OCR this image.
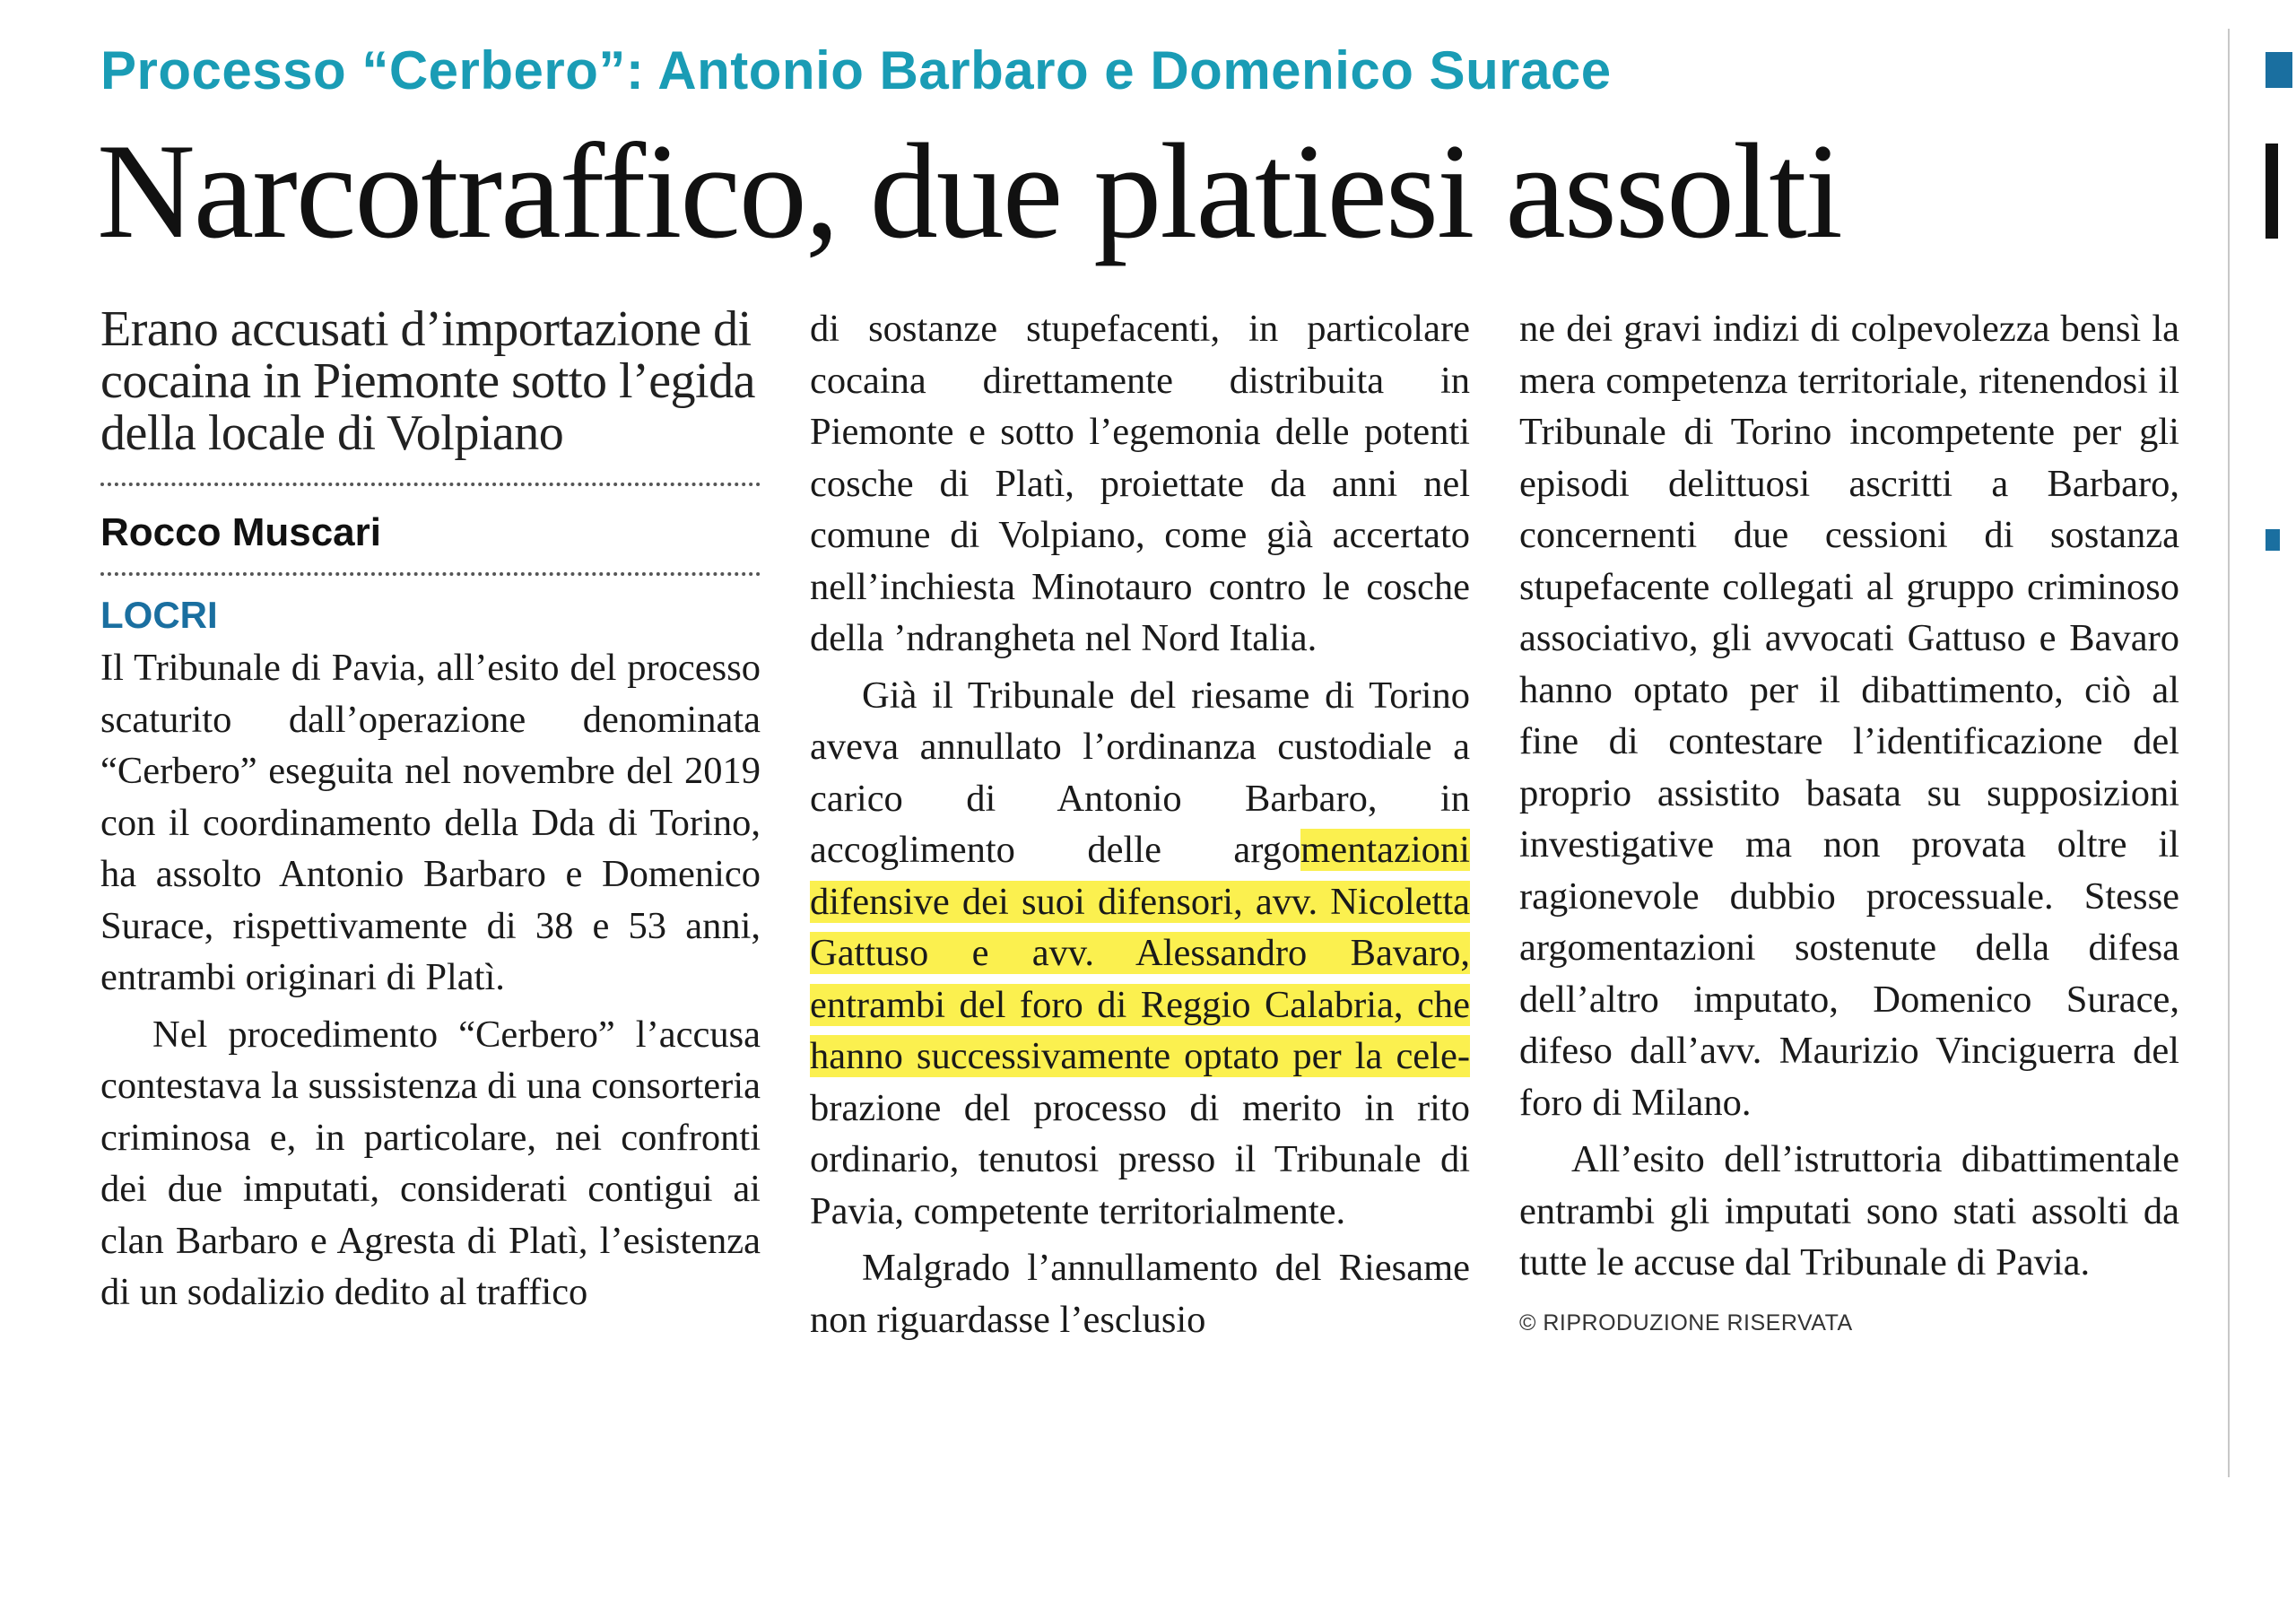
Processo “Cerbero”: Antonio Barbaro e Domenico Surace
Narcotraffico, due platiesi assolti

Erano accusati d’importazione di cocaina in Piemonte sotto l’egida della locale di Volpiano

Rocco Muscari
LOCRI

Il Tribunale di Pavia, all’esito del processo scaturito dall’operazione denominata “Cerbero” eseguita nel novembre del 2019 con il coordinamento della Dda di Torino, ha assolto Antonio Barbaro e Domenico Surace, rispettivamente di 38 e 53 anni, entrambi originari di Platì.

Nel procedimento “Cerbero” l’accusa contestava la sussistenza di una consorteria criminosa e, in particolare, nei confronti dei due imputati, considerati contigui ai clan Barbaro e Agresta di Platì, l’esistenza di un sodalizio dedito al traffico

di sostanze stupefacenti, in particolare cocaina direttamente distribuita in Piemonte e sotto l’egemonia delle potenti cosche di Platì, proiettate da anni nel comune di Volpiano, come già accertato nell’inchiesta Minotauro contro le cosche della ’ndrangheta nel Nord Italia.

Già il Tribunale del riesame di Torino aveva annullato l’ordinanza custodiale a carico di Antonio Barbaro, in accoglimento delle argomentazioni difensive dei suoi difensori, avv. Nicoletta Gattuso e avv. Alessandro Bavaro, entrambi del foro di Reggio Calabria, che hanno successivamente optato per la celebrazione del processo di merito in rito ordinario, tenutosi presso il Tribunale di Pavia, competente territorialmente.

Malgrado l’annullamento del Riesame non riguardasse l’esclusio

ne dei gravi indizi di colpevolezza bensì la mera competenza territoriale, ritenendosi il Tribunale di Torino incompetente per gli episodi delittuosi ascritti a Barbaro, concernenti due cessioni di sostanza stupefacente collegati al gruppo criminoso associativo, gli avvocati Gattuso e Bavaro hanno optato per il dibattimento, ciò al fine di contestare l’identificazione del proprio assistito basata su supposizioni investigative ma non provata oltre il ragionevole dubbio processuale. Stesse argomentazioni sostenute della difesa dell’altro imputato, Domenico Surace, difeso dall’avv. Maurizio Vinciguerra del foro di Milano.

All’esito dell’istruttoria dibattimentale entrambi gli imputati sono stati assolti da tutte le accuse dal Tribunale di Pavia.

© RIPRODUZIONE RISERVATA
